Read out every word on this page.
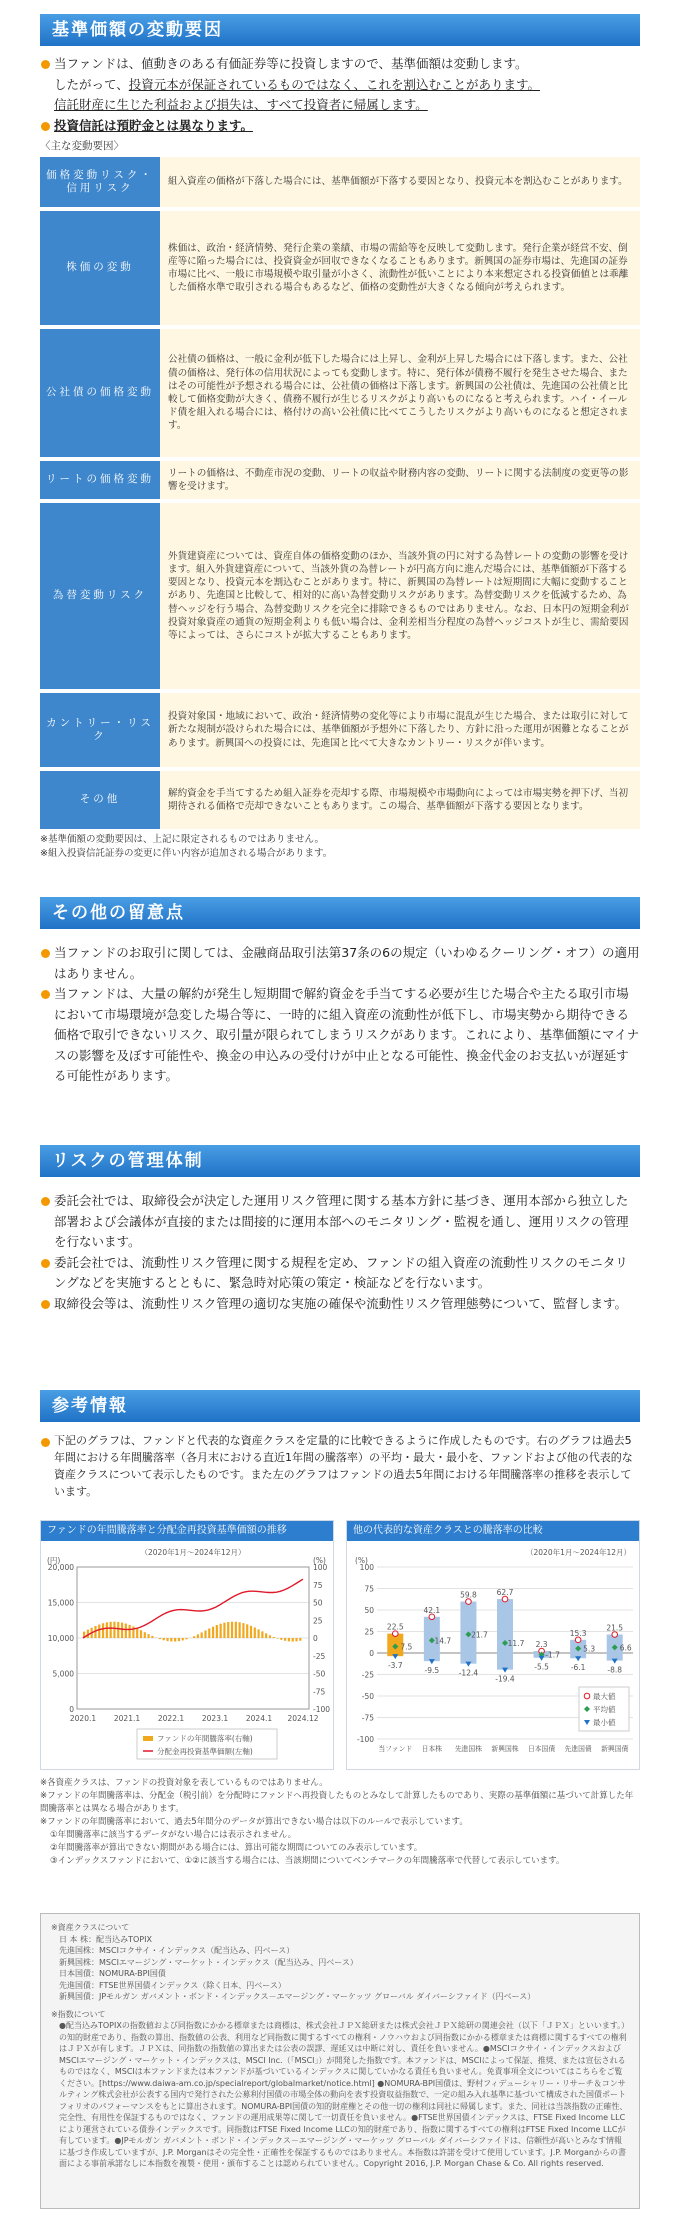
基準価額の変動要因

当ファンドは、値動きのある有価証券等に投資しますので、基準価額は変動します。
したがって、投資元本が保証されているものではなく、これを割込むことがあります。
信託財産に生じた利益および損失は、すべて投資者に帰属します。

投資信託は預貯金とは異なります。

〈主な変動要因〉
価格変動リスク・信用リスク	組入資産の価格が下落した場合には、基準価額が下落する要因となり、投資元本を割込むことがあります。
株価の変動	株価は、政治・経済情勢、発行企業の業績、市場の需給等を反映して変動します。発行企業が経営不安、倒産等に陥った場合には、投資資金が回収できなくなることもあります。新興国の証券市場は、先進国の証券市場に比べ、一般に市場規模や取引量が小さく、流動性が低いことにより本来想定される投資価値とは乖離した価格水準で取引される場合もあるなど、価格の変動性が大きくなる傾向が考えられます。
公社債の価格変動	公社債の価格は、一般に金利が低下した場合には上昇し、金利が上昇した場合には下落します。また、公社債の価格は、発行体の信用状況によっても変動します。特に、発行体が債務不履行を発生させた場合、またはその可能性が予想される場合には、公社債の価格は下落します。新興国の公社債は、先進国の公社債と比較して価格変動が大きく、債務不履行が生じるリスクがより高いものになると考えられます。ハイ・イールド債を組入れる場合には、格付けの高い公社債に比べてこうしたリスクがより高いものになると想定されます。
リートの価格変動	リートの価格は、不動産市況の変動、リートの収益や財務内容の変動、リートに関する法制度の変更等の影響を受けます。
為替変動リスク	外貨建資産については、資産自体の価格変動のほか、当該外貨の円に対する為替レートの変動の影響を受けます。組入外貨建資産について、当該外貨の為替レートが円高方向に進んだ場合には、基準価額が下落する要因となり、投資元本を割込むことがあります。特に、新興国の為替レートは短期間に大幅に変動することがあり、先進国と比較して、相対的に高い為替変動リスクがあります。為替変動リスクを低減するため、為替ヘッジを行う場合、為替変動リスクを完全に排除できるものではありません。なお、日本円の短期金利が投資対象資産の通貨の短期金利よりも低い場合は、金利差相当分程度の為替ヘッジコストが生じ、需給要因等によっては、さらにコストが拡大することもあります。
カントリー・リスク	投資対象国・地域において、政治・経済情勢の変化等により市場に混乱が生じた場合、または取引に対して新たな規制が設けられた場合には、基準価額が予想外に下落したり、方針に沿った運用が困難となることがあります。新興国への投資には、先進国と比べて大きなカントリー・リスクが伴います。
その他	解約資金を手当てするため組入証券を売却する際、市場規模や市場動向によっては市場実勢を押下げ、当初期待される価格で売却できないこともあります。この場合、基準価額が下落する要因となります。
※基準価額の変動要因は、上記に限定されるものではありません。
※組入投資信託証券の変更に伴い内容が追加される場合があります。
その他の留意点

当ファンドのお取引に関しては、金融商品取引法第37条の6の規定（いわゆるクーリング・オフ）の適用はありません。

当ファンドは、大量の解約が発生し短期間で解約資金を手当てする必要が生じた場合や主たる取引市場において市場環境が急変した場合等に、一時的に組入資産の流動性が低下し、市場実勢から期待できる価格で取引できないリスク、取引量が限られてしまうリスクがあります。これにより、基準価額にマイナスの影響を及ぼす可能性や、換金の申込みの受付けが中止となる可能性、換金代金のお支払いが遅延する可能性があります。

リスクの管理体制

委託会社では、取締役会が決定した運用リスク管理に関する基本方針に基づき、運用本部から独立した部署および会議体が直接的または間接的に運用本部へのモニタリング・監視を通し、運用リスクの管理を行ないます。

委託会社では、流動性リスク管理に関する規程を定め、ファンドの組入資産の流動性リスクのモニタリングなどを実施するとともに、緊急時対応策の策定・検証などを行ないます。

取締役会等は、流動性リスク管理の適切な実施の確保や流動性リスク管理態勢について、監督します。

参考情報

下記のグラフは、ファンドと代表的な資産クラスを定量的に比較できるように作成したものです。右のグラフは過去5年間における年間騰落率（各月末における直近1年間の騰落率）の平均・最大・最小を、ファンドおよび他の代表的な資産クラスについて表示したものです。また左のグラフはファンドの過去5年間における年間騰落率の推移を表示しています。

ファンドの年間騰落率と分配金再投資基準価額の推移
（2020年1月～2024年12月）
(円)	(%)
20,000
15,000
10,000
5,000
0
100
75
50
25
0
-25
-50
-75
-100
2020.1 2021.1 2022.1 2023.1 2024.1 2024.12
ファンドの年間騰落率(右軸)
分配金再投資基準価額(左軸)
他の代表的な資産クラスとの騰落率の比較
（2020年1月～2024年12月）
(%)
100
75
50
25
0
-25
-50
-75
-100
22.5
7.5
-3.7
当ファンド
42.1
14.7
-9.5
日本株
59.8
21.7
-12.4
先進国株
62.7
11.7
-19.4
新興国株
2.3
-1.7
-5.5
日本国債
15.3
5.3
-6.1
先進国債
21.5
6.6
-8.8
新興国債
最大値
平均値
最小値
※各資産クラスは、ファンドの投資対象を表しているものではありません。
※ファンドの年間騰落率は、分配金（税引前）を分配時にファンドへ再投資したものとみなして計算したものであり、実際の基準価額に基づいて計算した年間騰落率とは異なる場合があります。
※ファンドの年間騰落率において、過去5年間分のデータが算出できない場合は以下のルールで表示しています。
①年間騰落率に該当するデータがない場合には表示されません。
②年間騰落率が算出できない期間がある場合には、算出可能な期間についてのみ表示しています。
③インデックスファンドにおいて、①②に該当する場合には、当該期間についてベンチマークの年間騰落率で代替して表示しています。
※資産クラスについて
日 本 株：配当込みTOPIX
先進国株：MSCIコクサイ・インデックス（配当込み、円ベース）
新興国株：MSCIエマージング・マーケット・インデックス（配当込み、円ベース）
日本国債：NOMURA-BPI国債
先進国債：FTSE世界国債インデックス（除く日本、円ベース）
新興国債：JPモルガン ガバメント・ボンド・インデックス－エマージング・マーケッツ グローバル ダイバーシファイド（円ベース）
※指数について
●配当込みTOPIXの指数値および同指数にかかる標章または商標は、株式会社ＪＰＸ総研または株式会社ＪＰＸ総研の関連会社（以下「ＪＰＸ」といいます。）の知的財産であり、指数の算出、指数値の公表、利用など同指数に関するすべての権利・ノウハウおよび同指数にかかる標章または商標に関するすべての権利はＪＰＸが有します。ＪＰＸは、同指数の指数値の算出または公表の誤謬、遅延又は中断に対し、責任を負いません。●MSCIコクサイ・インデックスおよびMSCIエマージング・マーケット・インデックスは、MSCI Inc.（「MSCI」）が開発した指数です。本ファンドは、MSCIによって保証、推奨、または宣伝されるものではなく、MSCIは本ファンドまたは本ファンドが基づいているインデックスに関していかなる責任も負いません。免責事項全文についてはこちらをご覧ください。[https://www.daiwa-am.co.jp/specialreport/globalmarket/notice.html] ●NOMURA-BPI国債は、野村フィデューシャリー・リサーチ＆コンサルティング株式会社が公表する国内で発行された公募利付国債の市場全体の動向を表す投資収益指数で、一定の組み入れ基準に基づいて構成された国債ポートフォリオのパフォーマンスをもとに算出されます。NOMURA-BPI国債の知的財産権とその他一切の権利は同社に帰属します。また、同社は当該指数の正確性、完全性、有用性を保証するものではなく、ファンドの運用成果等に関して一切責任を負いません。●FTSE世界国債インデックスは、FTSE Fixed Income LLCにより運営されている債券インデックスです。同指数はFTSE Fixed Income LLCの知的財産であり、指数に関するすべての権利はFTSE Fixed Income LLCが有しています。●JPモルガン ガバメント・ボンド・インデックス－エマージング・マーケッツ グローバル ダイバーシファイドは、信頼性が高いとみなす情報に基づき作成していますが、J.P. Morganはその完全性・正確性を保証するものではありません。本指数は許諾を受けて使用しています。J.P. Morganからの書面による事前承諾なしに本指数を複製・使用・頒布することは認められていません。Copyright 2016, J.P. Morgan Chase & Co. All rights reserved.
